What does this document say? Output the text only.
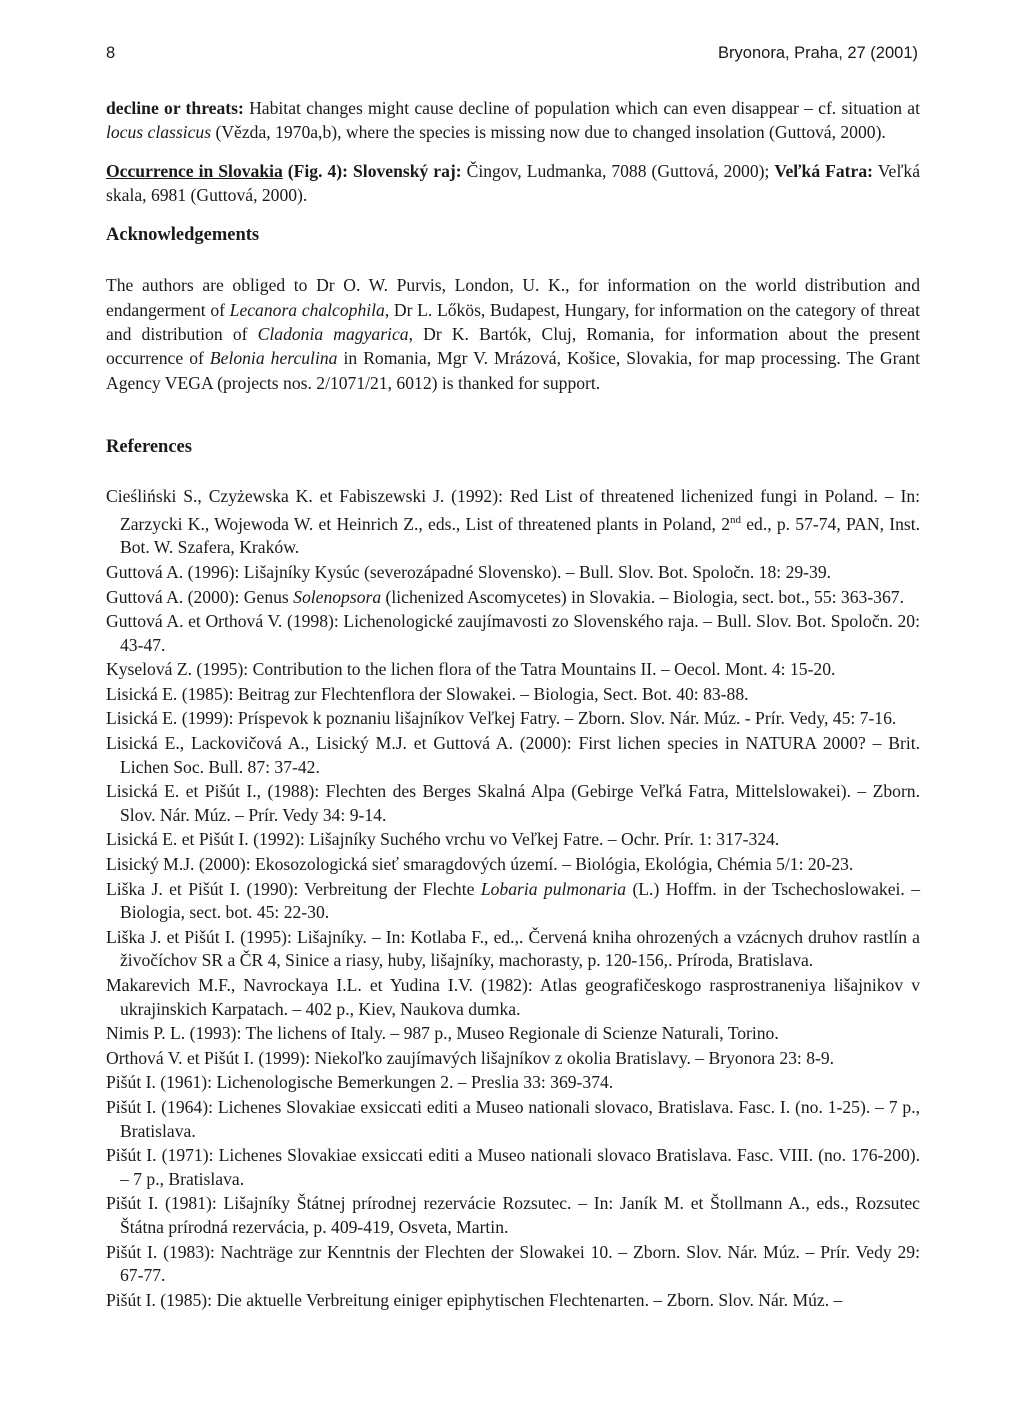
8	Bryonora, Praha, 27 (2001)

decline or threats: Habitat changes might cause decline of population which can even disappear – cf. situation at locus classicus (Vězda, 1970a,b), where the species is missing now due to changed insolation (Guttová, 2000).

Occurrence in Slovakia (Fig. 4): Slovenský raj: Čingov, Ludmanka, 7088 (Guttová, 2000); Veľká Fatra: Veľká skala, 6981 (Guttová, 2000).

Acknowledgements

The authors are obliged to Dr O. W. Purvis, London, U. K., for information on the world distribution and endangerment of Lecanora chalcophila, Dr L. Lőkös, Budapest, Hungary, for information on the category of threat and distribution of Cladonia magyarica, Dr K. Bartók, Cluj, Romania, for information about the present occurrence of Belonia herculina in Romania, Mgr V. Mrázová, Košice, Slovakia, for map processing. The Grant Agency VEGA (projects nos. 2/1071/21, 6012) is thanked for support.

References

Cieśliński S., Czyżewska K. et Fabiszewski J. (1992): Red List of threatened lichenized fungi in Poland. – In: Zarzycki K., Wojewoda W. et Heinrich Z., eds., List of threatened plants in Poland, 2nd ed., p. 57-74, PAN, Inst. Bot. W. Szafera, Kraków.

Guttová A. (1996): Lišajníky Kysúc (severozápadné Slovensko). – Bull. Slov. Bot. Spoločn. 18: 29-39.

Guttová A. (2000): Genus Solenopsora (lichenized Ascomycetes) in Slovakia. – Biologia, sect. bot., 55: 363-367.

Guttová A. et Orthová V. (1998): Lichenologické zaujímavosti zo Slovenského raja. – Bull. Slov. Bot. Spoločn. 20: 43-47.

Kyselová Z. (1995): Contribution to the lichen flora of the Tatra Mountains II. – Oecol. Mont. 4: 15-20.

Lisická E. (1985): Beitrag zur Flechtenflora der Slowakei. – Biologia, Sect. Bot. 40: 83-88.

Lisická E. (1999): Príspevok k poznaniu lišajníkov Veľkej Fatry. – Zborn. Slov. Nár. Múz. - Prír. Vedy, 45: 7-16.

Lisická E., Lackovičová A., Lisický M.J. et Guttová A. (2000): First lichen species in NATURA 2000? – Brit. Lichen Soc. Bull. 87: 37-42.

Lisická E. et Pišút I., (1988): Flechten des Berges Skalná Alpa (Gebirge Veľká Fatra, Mittelslowakei). – Zborn. Slov. Nár. Múz. – Prír. Vedy 34: 9-14.

Lisická E. et Pišút I. (1992): Lišajníky Suchého vrchu vo Veľkej Fatre. – Ochr. Prír. 1: 317-324.

Lisický M.J. (2000): Ekosozologická sieť smaragdových území. – Biológia, Ekológia, Chémia 5/1: 20-23.

Liška J. et Pišút I. (1990): Verbreitung der Flechte Lobaria pulmonaria (L.) Hoffm. in der Tschechoslowakei. – Biologia, sect. bot. 45: 22-30.

Liška J. et Pišút I. (1995): Lišajníky. – In: Kotlaba F., ed.,. Červená kniha ohrozených a vzácnych druhov rastlín a živočíchov SR a ČR 4, Sinice a riasy, huby, lišajníky, machorasty, p. 120-156,. Príroda, Bratislava.

Makarevich M.F., Navrockaya I.L. et Yudina I.V. (1982): Atlas geografičeskogo rasprostraneniya lišajnikov v ukrajinskich Karpatach. – 402 p., Kiev, Naukova dumka.

Nimis P. L. (1993): The lichens of Italy. – 987 p., Museo Regionale di Scienze Naturali, Torino.

Orthová V. et Pišút I. (1999): Niekoľko zaujímavých lišajníkov z okolia Bratislavy. – Bryonora 23: 8-9.

Pišút I. (1961): Lichenologische Bemerkungen 2. – Preslia 33: 369-374.

Pišút I. (1964): Lichenes Slovakiae exsiccati editi a Museo nationali slovaco, Bratislava. Fasc. I. (no. 1-25). – 7 p., Bratislava.

Pišút I. (1971): Lichenes Slovakiae exsiccati editi a Museo nationali slovaco Bratislava. Fasc. VIII. (no. 176-200). – 7 p., Bratislava.

Pišút I. (1981): Lišajníky Štátnej prírodnej rezervácie Rozsutec. – In: Janík M. et Štollmann A., eds., Rozsutec Štátna prírodná rezervácia, p. 409-419, Osveta, Martin.

Pišút I. (1983): Nachträge zur Kenntnis der Flechten der Slowakei 10. – Zborn. Slov. Nár. Múz. – Prír. Vedy 29: 67-77.

Pišút I. (1985): Die aktuelle Verbreitung einiger epiphytischen Flechtenarten. – Zborn. Slov. Nár. Múz. –
